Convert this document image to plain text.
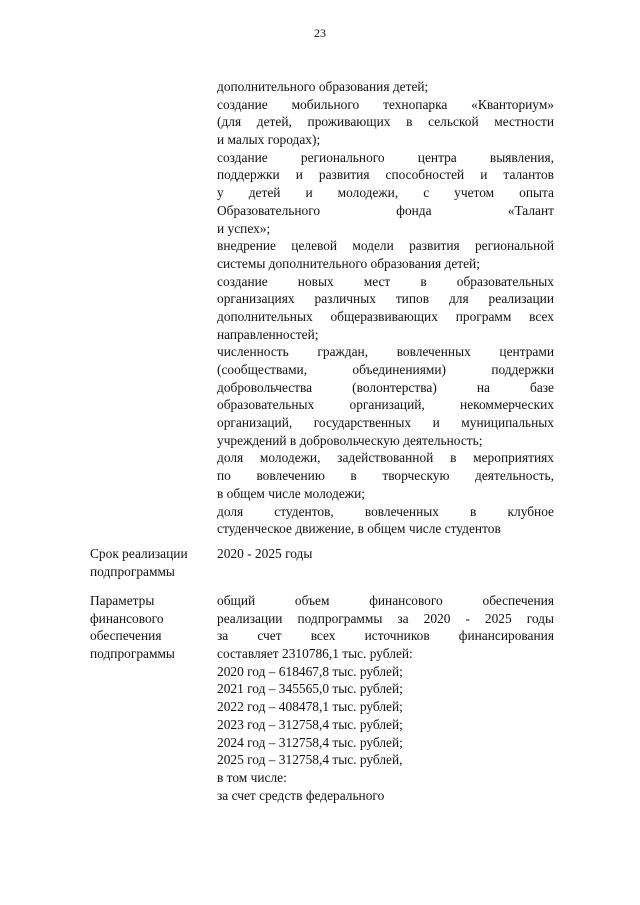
23
дополнительного образования детей;
создание мобильного технопарка «Кванториум»
(для детей, проживающих в сельской местности
и малых городах);
создание регионального центра выявления,
поддержки и развития способностей и талантов
у детей и молодежи, с учетом опыта
Образовательного фонда «Талант
и успех»;
внедрение целевой модели развития региональной
системы дополнительного образования детей;
создание новых мест в образовательных
организациях различных типов для реализации
дополнительных общеразвивающих программ всех
направленностей;
численность граждан, вовлеченных центрами
(сообществами, объединениями) поддержки
добровольчества (волонтерства) на базе
образовательных организаций, некоммерческих
организаций, государственных и муниципальных
учреждений в добровольческую деятельность;
доля молодежи, задействованной в мероприятиях
по вовлечению в творческую деятельность,
в общем числе молодежи;
доля студентов, вовлеченных в клубное
студенческое движение, в общем числе студентов
Срок реализации
подпрограммы
2020 - 2025 годы
Параметры
финансового
обеспечения
подпрограммы
общий объем финансового обеспечения
реализации подпрограммы за 2020 - 2025 годы
за счет всех источников финансирования
составляет 2310786,1 тыс. рублей:
2020 год – 618467,8 тыс. рублей;
2021 год – 345565,0 тыс. рублей;
2022 год – 408478,1 тыс. рублей;
2023 год – 312758,4 тыс. рублей;
2024 год – 312758,4 тыс. рублей;
2025 год – 312758,4 тыс. рублей,
в том числе:
за счет средств федерального
